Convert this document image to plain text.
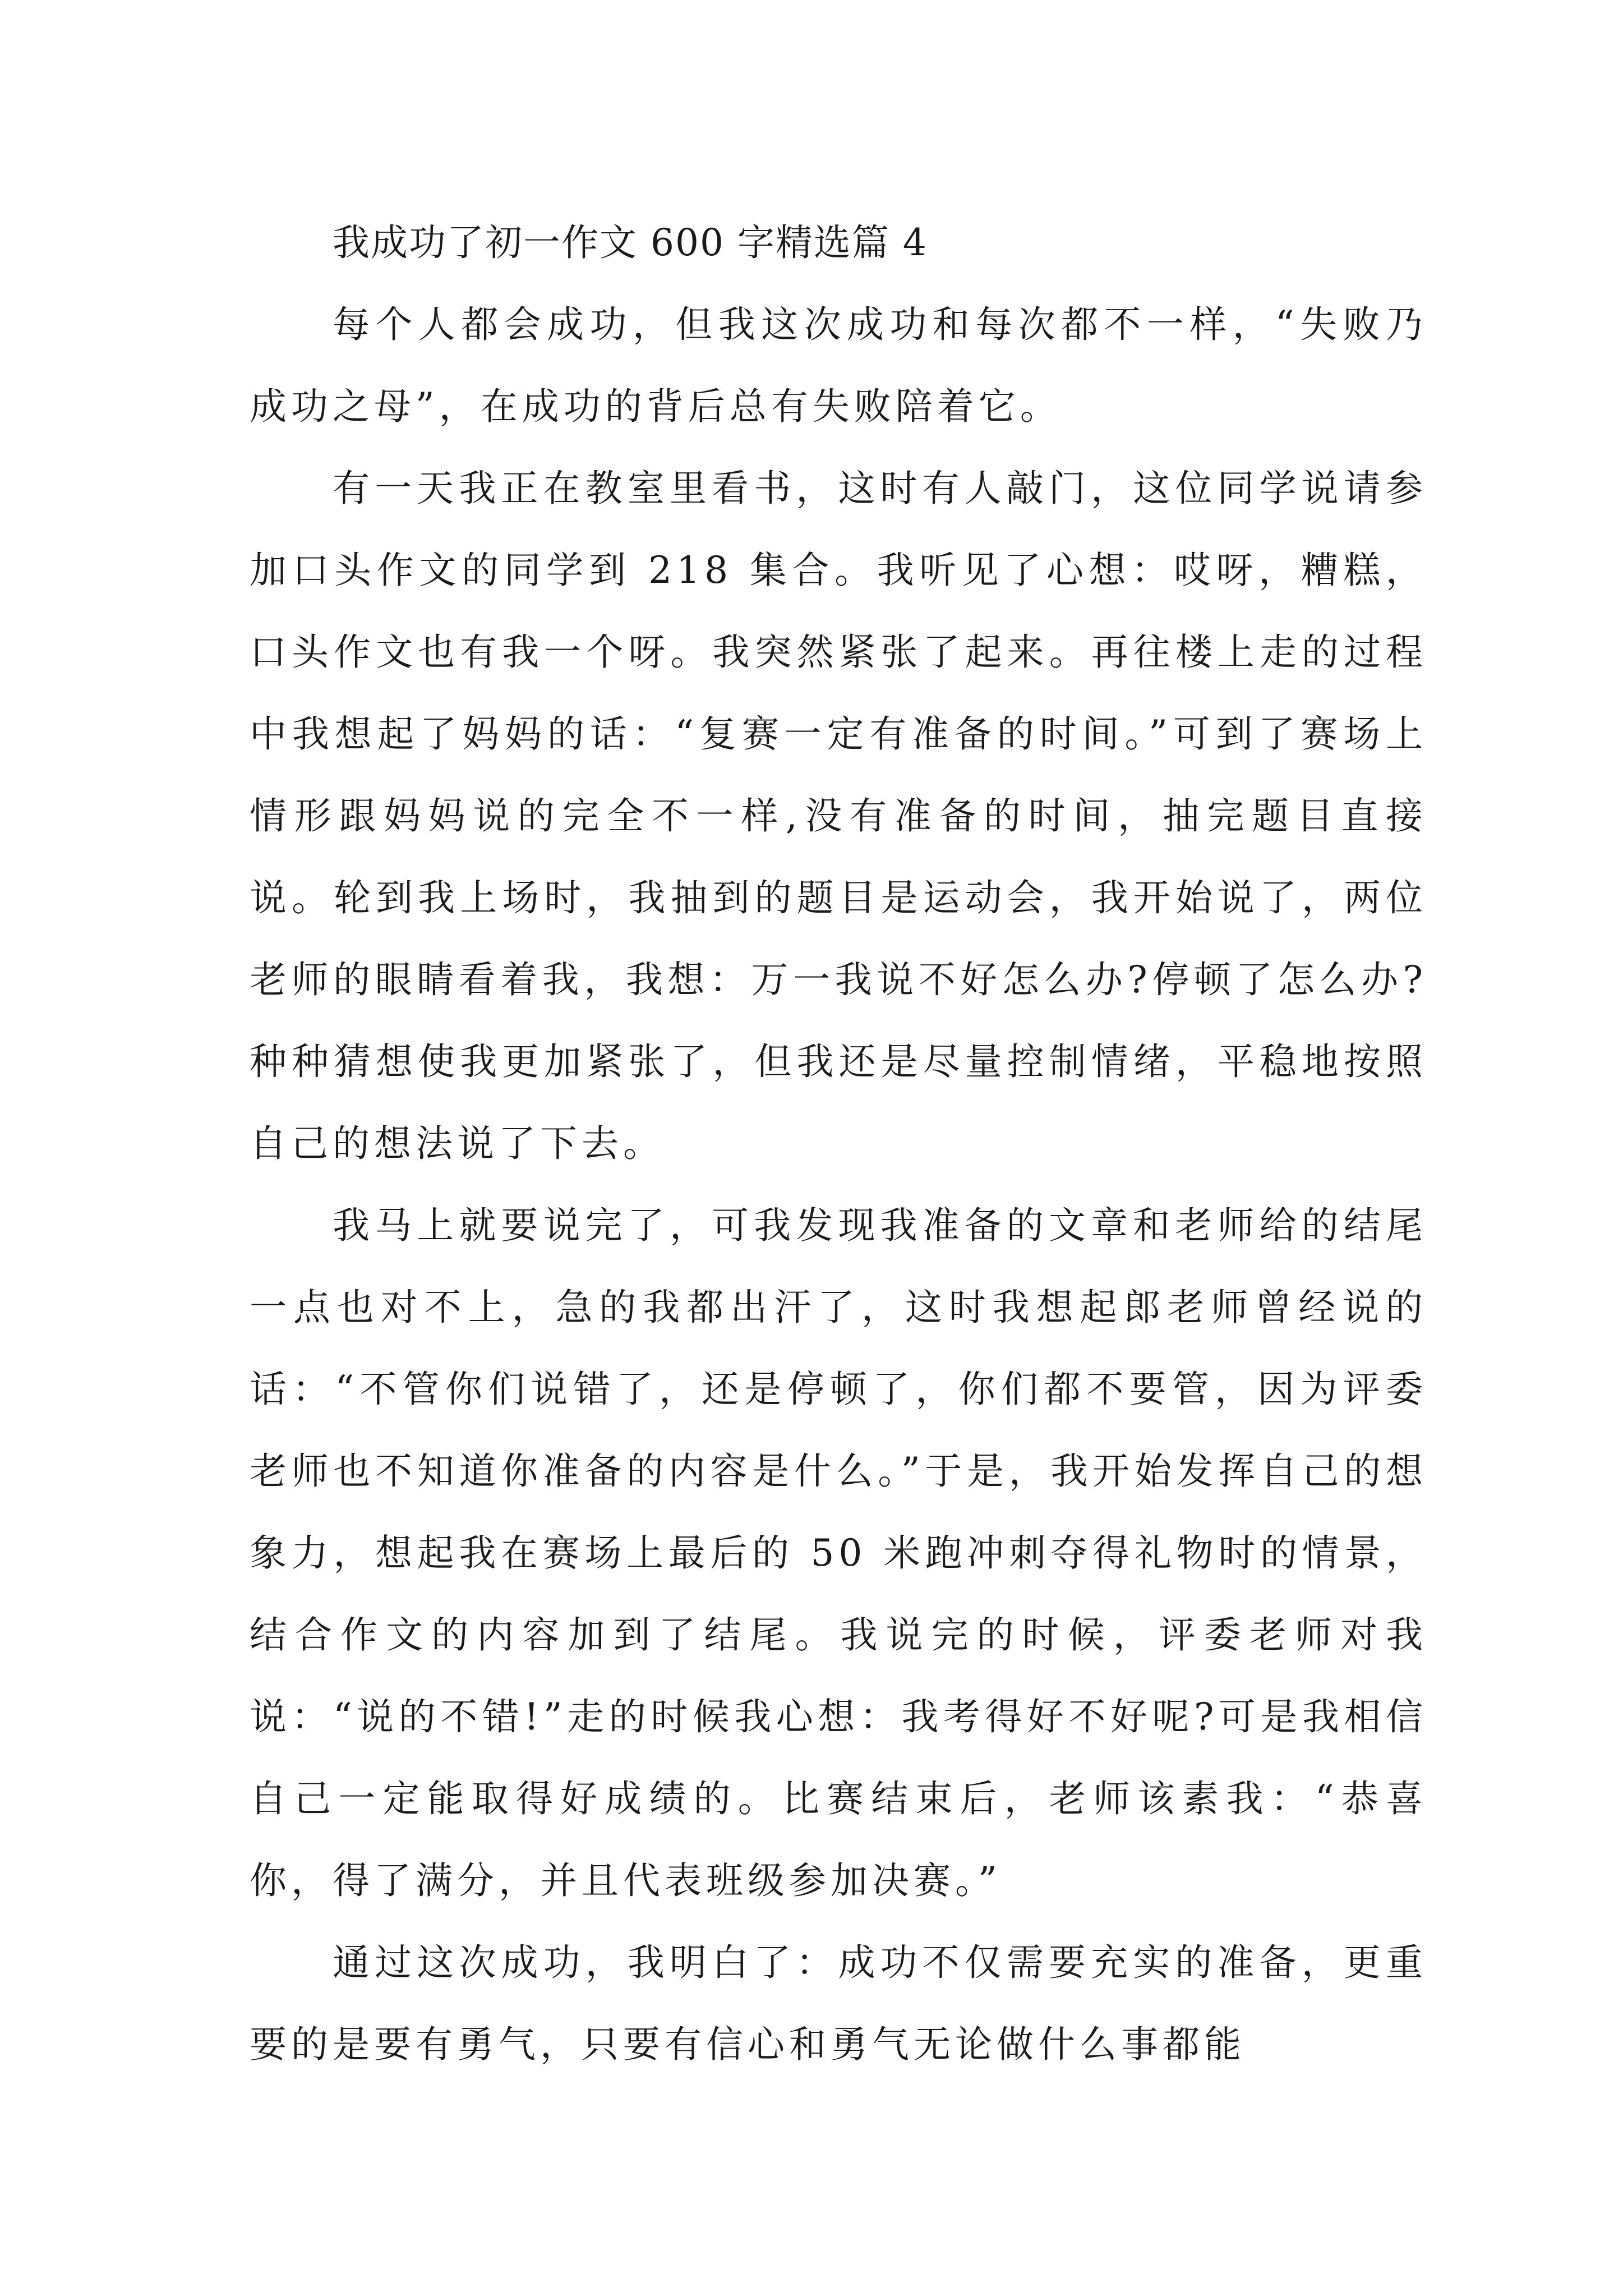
我成功了初一作文 600 字精选篇 4

每个人都会成功，但我这次成功和每次都不一样，“失败乃成功之母”，在成功的背后总有失败陪着它。

有一天我正在教室里看书，这时有人敲门，这位同学说请参加口头作文的同学到 218 集合。我听见了心想：哎呀，糟糕，口头作文也有我一个呀。我突然紧张了起来。再往楼上走的过程中我想起了妈妈的话：“复赛一定有准备的时间。”可到了赛场上情形跟妈妈说的完全不一样,没有准备的时间，抽完题目直接说。轮到我上场时，我抽到的题目是运动会，我开始说了，两位老师的眼睛看着我，我想：万一我说不好怎么办?停顿了怎么办?种种猜想使我更加紧张了，但我还是尽量控制情绪，平稳地按照自己的想法说了下去。

我马上就要说完了，可我发现我准备的文章和老师给的结尾一点也对不上，急的我都出汗了，这时我想起郎老师曾经说的话：“不管你们说错了，还是停顿了，你们都不要管，因为评委老师也不知道你准备的内容是什么。”于是，我开始发挥自己的想象力，想起我在赛场上最后的 50 米跑冲刺夺得礼物时的情景，结合作文的内容加到了结尾。我说完的时候，评委老师对我说：“说的不错!”走的时候我心想：我考得好不好呢?可是我相信自己一定能取得好成绩的。比赛结束后，老师该素我：“恭喜你，得了满分，并且代表班级参加决赛。”

通过这次成功，我明白了：成功不仅需要充实的准备，更重要的是要有勇气，只要有信心和勇气无论做什么事都能
